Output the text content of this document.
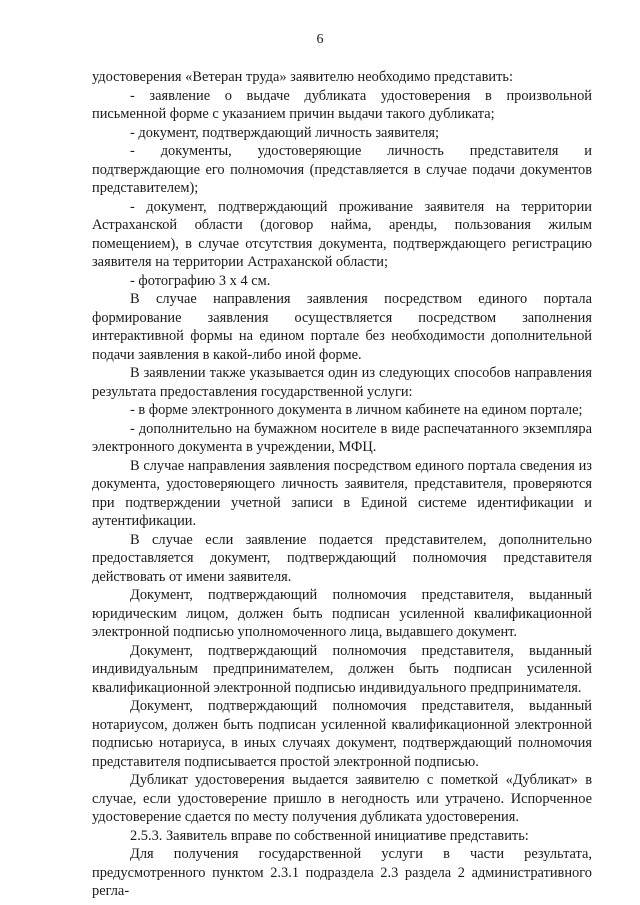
6

удостоверения «Ветеран труда» заявителю необходимо представить:

- заявление о выдаче дубликата удостоверения в произвольной письменной форме с указанием причин выдачи такого дубликата;

- документ, подтверждающий личность заявителя;

- документы, удостоверяющие личность представителя и подтверждающие его полномочия (представляется в случае подачи документов представителем);

- документ, подтверждающий проживание заявителя на территории Астраханской области (договор найма, аренды, пользования жилым помещением), в случае отсутствия документа, подтверждающего регистрацию заявителя на территории Астраханской области;

- фотографию 3 х 4 см.

В случае направления заявления посредством единого портала формирование заявления осуществляется посредством заполнения интерактивной формы на едином портале без необходимости дополнительной подачи заявления в какой-либо иной форме.

В заявлении также указывается один из следующих способов направления результата предоставления государственной услуги:

- в форме электронного документа в личном кабинете на едином портале;

- дополнительно на бумажном носителе в виде распечатанного экземпляра электронного документа в учреждении, МФЦ.

В случае направления заявления посредством единого портала сведения из документа, удостоверяющего личность заявителя, представителя, проверяются при подтверждении учетной записи в Единой системе идентификации и аутентификации.

В случае если заявление подается представителем, дополнительно предоставляется документ, подтверждающий полномочия представителя действовать от имени заявителя.

Документ, подтверждающий полномочия представителя, выданный юридическим лицом, должен быть подписан усиленной квалификационной электронной подписью уполномоченного лица, выдавшего документ.

Документ, подтверждающий полномочия представителя, выданный индивидуальным предпринимателем, должен быть подписан усиленной квалификационной электронной подписью индивидуального предпринимателя.

Документ, подтверждающий полномочия представителя, выданный нотариусом, должен быть подписан усиленной квалификационной электронной подписью нотариуса, в иных случаях документ, подтверждающий полномочия представителя подписывается простой электронной подписью.

Дубликат удостоверения выдается заявителю с пометкой «Дубликат» в случае, если удостоверение пришло в негодность или утрачено. Испорченное удостоверение сдается по месту получения дубликата удостоверения.

2.5.3. Заявитель вправе по собственной инициативе представить:

Для получения государственной услуги в части результата, предусмотренного пунктом 2.3.1 подраздела 2.3 раздела 2 административного регла-
